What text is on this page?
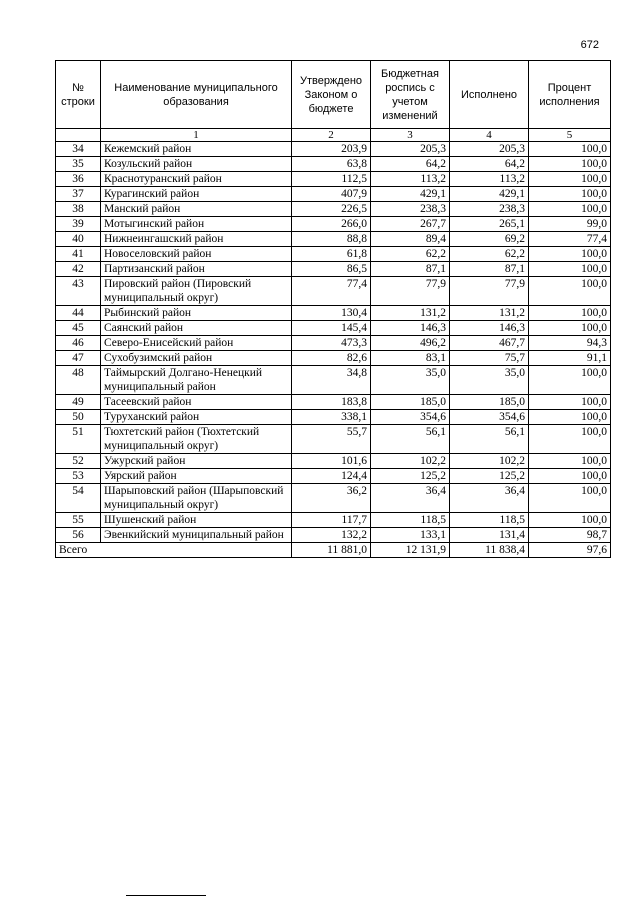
672
№ строки	Наименование муниципального образования	Утверждено Законом о бюджете	Бюджетная роспись с учетом изменений	Исполнено	Процент исполнения
	1	2	3	4	5
34	Кежемский район	203,9	205,3	205,3	100,0
35	Козульский район	63,8	64,2	64,2	100,0
36	Краснотуранский район	112,5	113,2	113,2	100,0
37	Курагинский район	407,9	429,1	429,1	100,0
38	Манский район	226,5	238,3	238,3	100,0
39	Мотыгинский район	266,0	267,7	265,1	99,0
40	Нижнеингашский район	88,8	89,4	69,2	77,4
41	Новоселовский район	61,8	62,2	62,2	100,0
42	Партизанский район	86,5	87,1	87,1	100,0
43	Пировский район (Пировский муниципальный округ)	77,4	77,9	77,9	100,0
44	Рыбинский район	130,4	131,2	131,2	100,0
45	Саянский район	145,4	146,3	146,3	100,0
46	Северо-Енисейский район	473,3	496,2	467,7	94,3
47	Сухобузимский район	82,6	83,1	75,7	91,1
48	Таймырский Долгано-Ненецкий муниципальный район	34,8	35,0	35,0	100,0
49	Тасеевский район	183,8	185,0	185,0	100,0
50	Туруханский район	338,1	354,6	354,6	100,0
51	Тюхтетский район (Тюхтетский муниципальный округ)	55,7	56,1	56,1	100,0
52	Ужурский район	101,6	102,2	102,2	100,0
53	Уярский район	124,4	125,2	125,2	100,0
54	Шарыповский район (Шарыповский муниципальный округ)	36,2	36,4	36,4	100,0
55	Шушенский район	117,7	118,5	118,5	100,0
56	Эвенкийский муниципальный район	132,2	133,1	131,4	98,7
Всего		11 881,0	12 131,9	11 838,4	97,6
